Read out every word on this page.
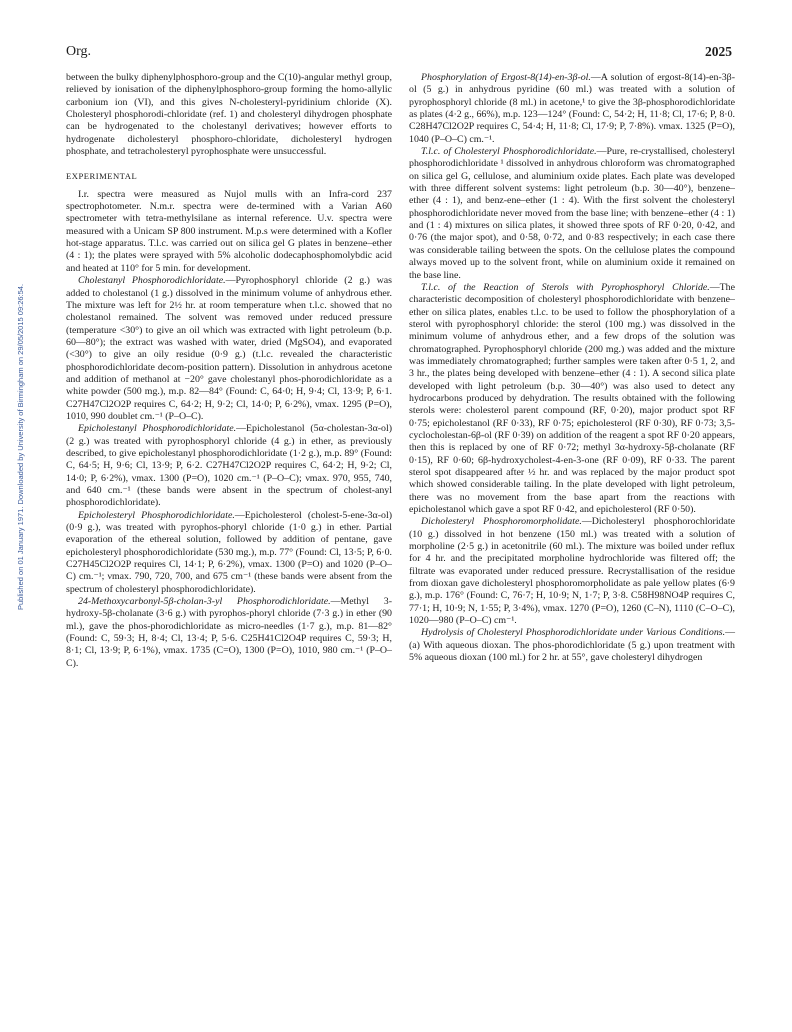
Published on 01 January 1971. Downloaded by University of Birmingham on 29/05/2015 09:26:54.
Org.	2025

between the bulky diphenylphosphoro-group and the C(10)-angular methyl group, relieved by ionisation of the diphenylphosphoro-group forming the homo-allylic carbonium ion (VI), and this gives N-cholesteryl-pyridinium chloride (X). Cholesteryl phosphorodi-chloridate (ref. 1) and cholesteryl dihydrogen phosphate can be hydrogenated to the cholestanyl derivatives; however efforts to hydrogenate dicholesteryl phosphoro-chloridate, dicholesteryl hydrogen phosphate, and tetracholesteryl pyrophosphate were unsuccessful.

EXPERIMENTAL

I.r. spectra were measured as Nujol mulls with an Infra-cord 237 spectrophotometer. N.m.r. spectra were de-termined with a Varian A60 spectrometer with tetra-methylsilane as internal reference. U.v. spectra were measured with a Unicam SP 800 instrument. M.p.s were determined with a Kofler hot-stage apparatus. T.l.c. was carried out on silica gel G plates in benzene–ether (4 : 1); the plates were sprayed with 5% alcoholic dodecaphosphomolybdic acid and heated at 110° for 5 min. for development.

Cholestanyl Phosphorodichloridate.—Pyrophosphoryl chloride (2 g.) was added to cholestanol (1 g.) dissolved in the minimum volume of anhydrous ether. The mixture was left for 2½ hr. at room temperature when t.l.c. showed that no cholestanol remained. The solvent was removed under reduced pressure (temperature <30°) to give an oil which was extracted with light petroleum (b.p. 60—80°); the extract was washed with water, dried (MgSO4), and evaporated (<30°) to give an oily residue (0·9 g.) (t.l.c. revealed the characteristic phosphorodichloridate decom-position pattern). Dissolution in anhydrous acetone and addition of methanol at −20° gave cholestanyl phos-phorodichloridate as a white powder (500 mg.), m.p. 82—84° (Found: C, 64·0; H, 9·4; Cl, 13·9; P, 6·1. C27H47Cl2O2P requires C, 64·2; H, 9·2; Cl, 14·0; P, 6·2%), νmax. 1295 (P=O), 1010, 990 doublet cm.⁻¹ (P–O–C).

Epicholestanyl Phosphorodichloridate.—Epicholestanol (5α-cholestan-3α-ol) (2 g.) was treated with pyrophosphoryl chloride (4 g.) in ether, as previously described, to give epicholestanyl phosphorodichloridate (1·2 g.), m.p. 89° (Found: C, 64·5; H, 9·6; Cl, 13·9; P, 6·2. C27H47Cl2O2P requires C, 64·2; H, 9·2; Cl, 14·0; P, 6·2%), νmax. 1300 (P=O), 1020 cm.⁻¹ (P–O–C); νmax. 970, 955, 740, and 640 cm.⁻¹ (these bands were absent in the spectrum of cholest-anyl phosphorodichloridate).

Epicholesteryl Phosphorodichloridate.—Epicholesterol (cholest-5-ene-3α-ol) (0·9 g.), was treated with pyrophos-phoryl chloride (1·0 g.) in ether. Partial evaporation of the ethereal solution, followed by addition of pentane, gave epicholesteryl phosphorodichloridate (530 mg.), m.p. 77° (Found: Cl, 13·5; P, 6·0. C27H45Cl2O2P requires Cl, 14·1; P, 6·2%), νmax. 1300 (P=O) and 1020 (P–O–C) cm.⁻¹; νmax. 790, 720, 700, and 675 cm⁻¹ (these bands were absent from the spectrum of cholesteryl phosphorodichloridate).

24-Methoxycarbonyl-5β-cholan-3-yl Phosphorodichloridate.—Methyl 3-hydroxy-5β-cholanate (3·6 g.) with pyrophos-phoryl chloride (7·3 g.) in ether (90 ml.), gave the phos-phorodichloridate as micro-needles (1·7 g.), m.p. 81—82° (Found: C, 59·3; H, 8·4; Cl, 13·4; P, 5·6. C25H41Cl2O4P requires C, 59·3; H, 8·1; Cl, 13·9; P, 6·1%), νmax. 1735 (C=O), 1300 (P=O), 1010, 980 cm.⁻¹ (P–O–C).

Phosphorylation of Ergost-8(14)-en-3β-ol.—A solution of ergost-8(14)-en-3β-ol (5 g.) in anhydrous pyridine (60 ml.) was treated with a solution of pyrophosphoryl chloride (8 ml.) in acetone,¹ to give the 3β-phosphorodichloridate as plates (4·2 g., 66%), m.p. 123—124° (Found: C, 54·2; H, 11·8; Cl, 17·6; P, 8·0. C28H47Cl2O2P requires C, 54·4; H, 11·8; Cl, 17·9; P, 7·8%). νmax. 1325 (P=O), 1040 (P–O–C) cm.⁻¹.

T.l.c. of Cholesteryl Phosphorodichloridate.—Pure, re-crystallised, cholesteryl phosphorodichloridate ¹ dissolved in anhydrous chloroform was chromatographed on silica gel G, cellulose, and aluminium oxide plates. Each plate was developed with three different solvent systems: light petroleum (b.p. 30—40°), benzene–ether (4 : 1), and benz-ene–ether (1 : 4). With the first solvent the cholesteryl phosphorodichloridate never moved from the base line; with benzene–ether (4 : 1) and (1 : 4) mixtures on silica plates, it showed three spots of RF 0·20, 0·42, and 0·76 (the major spot), and 0·58, 0·72, and 0·83 respectively; in each case there was considerable tailing between the spots. On the cellulose plates the compound always moved up to the solvent front, while on aluminium oxide it remained on the base line.

T.l.c. of the Reaction of Sterols with Pyrophosphoryl Chloride.—The characteristic decomposition of cholesteryl phosphorodichloridate with benzene–ether on silica plates, enables t.l.c. to be used to follow the phosphorylation of a sterol with pyrophosphoryl chloride: the sterol (100 mg.) was dissolved in the minimum volume of anhydrous ether, and a few drops of the solution was chromatographed. Pyrophosphoryl chloride (200 mg.) was added and the mixture was immediately chromatographed; further samples were taken after 0·5 1, 2, and 3 hr., the plates being developed with benzene–ether (4 : 1). A second silica plate developed with light petroleum (b.p. 30—40°) was also used to detect any hydrocarbons produced by dehydration. The results obtained with the following sterols were: cholesterol parent compound (RF, 0·20), major product spot RF 0·75; epicholestanol (RF 0·33), RF 0·75; epicholesterol (RF 0·30), RF 0·73; 3,5-cyclocholestan-6β-ol (RF 0·39) on addition of the reagent a spot RF 0·20 appears, then this is replaced by one of RF 0·72; methyl 3α-hydroxy-5β-cholanate (RF 0·15), RF 0·60; 6β-hydroxycholest-4-en-3-one (RF 0·09), RF 0·33. The parent sterol spot disappeared after ½ hr. and was replaced by the major product spot which showed considerable tailing. In the plate developed with light petroleum, there was no movement from the base apart from the reactions with epicholestanol which gave a spot RF 0·42, and epicholesterol (RF 0·50).

Dicholesteryl Phosphoromorpholidate.—Dicholesteryl phosphorochloridate (10 g.) dissolved in hot benzene (150 ml.) was treated with a solution of morpholine (2·5 g.) in acetonitrile (60 ml.). The mixture was boiled under reflux for 4 hr. and the precipitated morpholine hydrochloride was filtered off; the filtrate was evaporated under reduced pressure. Recrystallisation of the residue from dioxan gave dicholesteryl phosphoromorpholidate as pale yellow plates (6·9 g.), m.p. 176° (Found: C, 76·7; H, 10·9; N, 1·7; P, 3·8. C58H98NO4P requires C, 77·1; H, 10·9; N, 1·55; P, 3·4%), νmax. 1270 (P=O), 1260 (C–N), 1110 (C–O–C), 1020—980 (P–O–C) cm⁻¹.

Hydrolysis of Cholesteryl Phosphorodichloridate under Various Conditions.—(a) With aqueous dioxan. The phos-phorodichloridate (5 g.) upon treatment with 5% aqueous dioxan (100 ml.) for 2 hr. at 55°, gave cholesteryl dihydrogen
